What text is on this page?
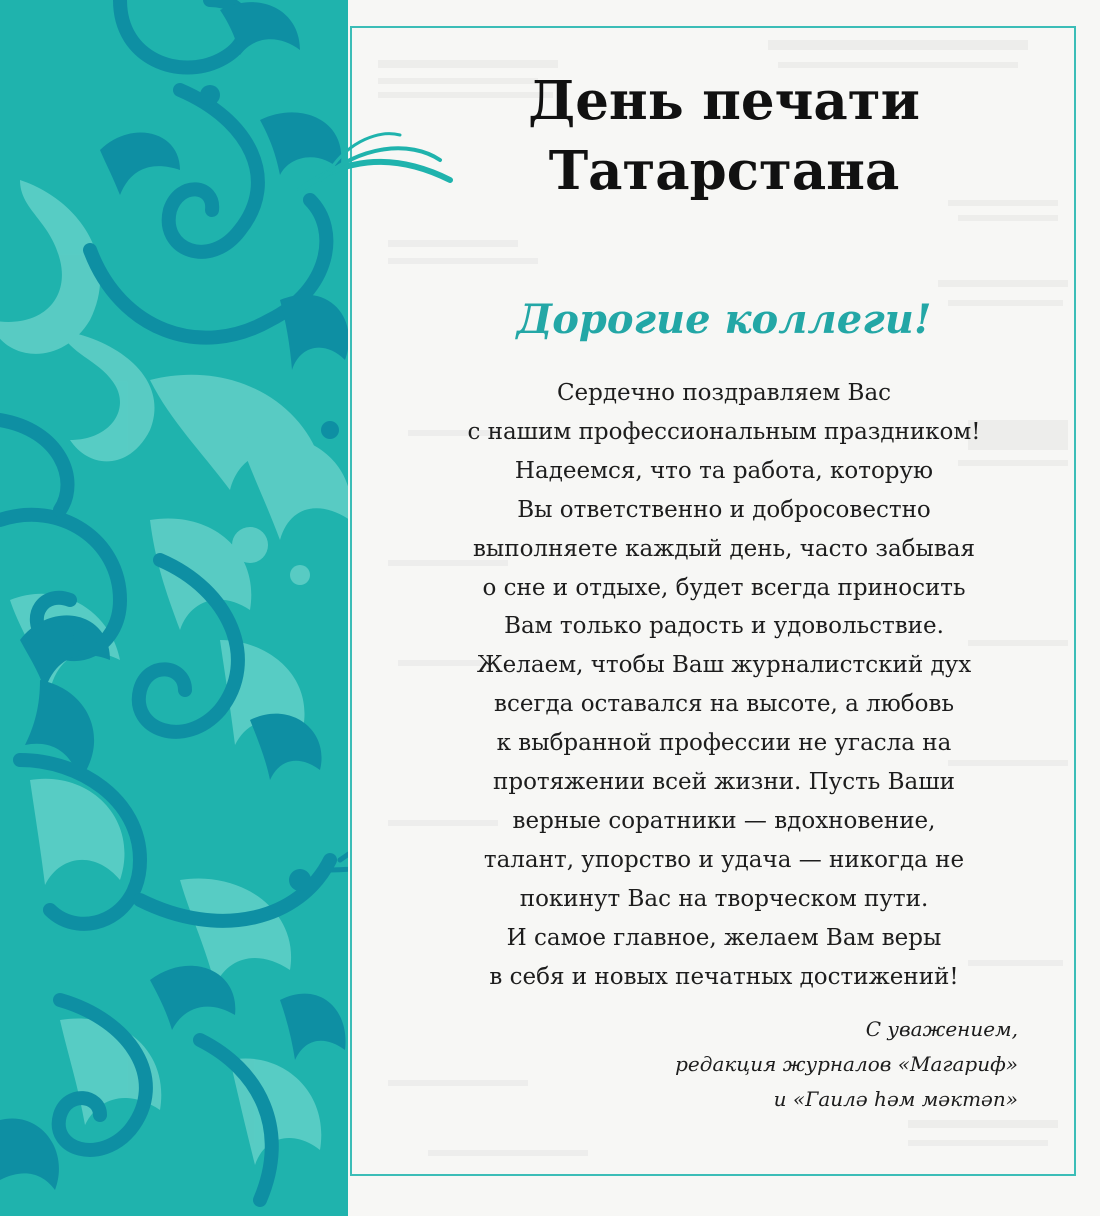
День печати
Татарстана
Дорогие коллеги!
Сердечно поздравляем Вас
с нашим профессиональным праздником!
Надеемся, что та работа, которую
Вы ответственно и добросовестно
выполняете каждый день, часто забывая
о сне и отдыхе, будет всегда приносить
Вам только радость и удовольствие.
Желаем, чтобы Ваш журналистский дух
всегда оставался на высоте, а любовь
к выбранной профессии не угасла на
протяжении всей жизни. Пусть Ваши
верные соратники — вдохновение,
талант, упорство и удача — никогда не
покинут Вас на творческом пути.
И самое главное, желаем Вам веры
в себя и новых печатных достижений!
С уважением,
редакция журналов «Магариф»
и «Гаилә һәм мәктәп»
